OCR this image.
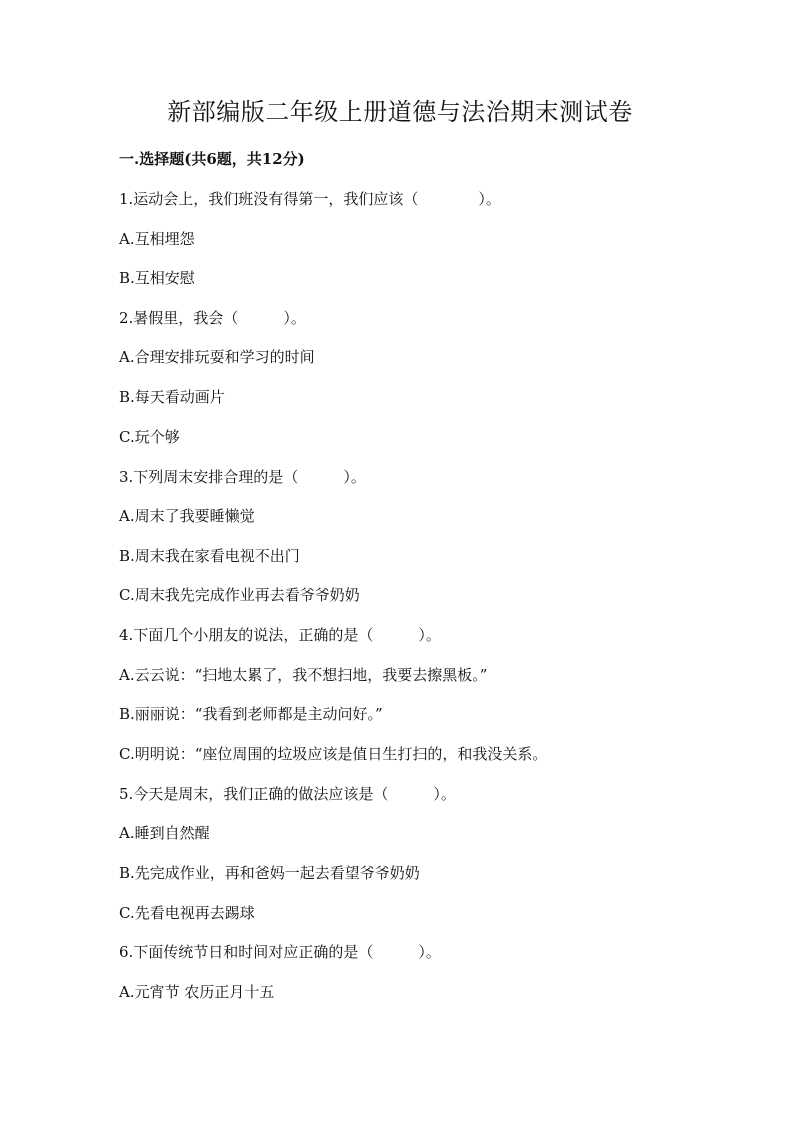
新部编版二年级上册道德与法治期末测试卷
一.选择题(共6题，共12分)
1.运动会上，我们班没有得第一，我们应该（　　　　）。
A.互相埋怨
B.互相安慰
2.暑假里，我会（　　　）。
A.合理安排玩耍和学习的时间
B.每天看动画片
C.玩个够
3.下列周末安排合理的是（　　　）。
A.周末了我要睡懒觉
B.周末我在家看电视不出门
C.周末我先完成作业再去看爷爷奶奶
4.下面几个小朋友的说法，正确的是（　　　）。
A.云云说：“扫地太累了，我不想扫地，我要去擦黑板。”
B.丽丽说：“我看到老师都是主动问好。”
C.明明说：“座位周围的垃圾应该是值日生打扫的，和我没关系。
5.今天是周末，我们正确的做法应该是（　　　）。
A.睡到自然醒
B.先完成作业，再和爸妈一起去看望爷爷奶奶
C.先看电视再去踢球
6.下面传统节日和时间对应正确的是（　　　）。
A.元宵节 农历正月十五
